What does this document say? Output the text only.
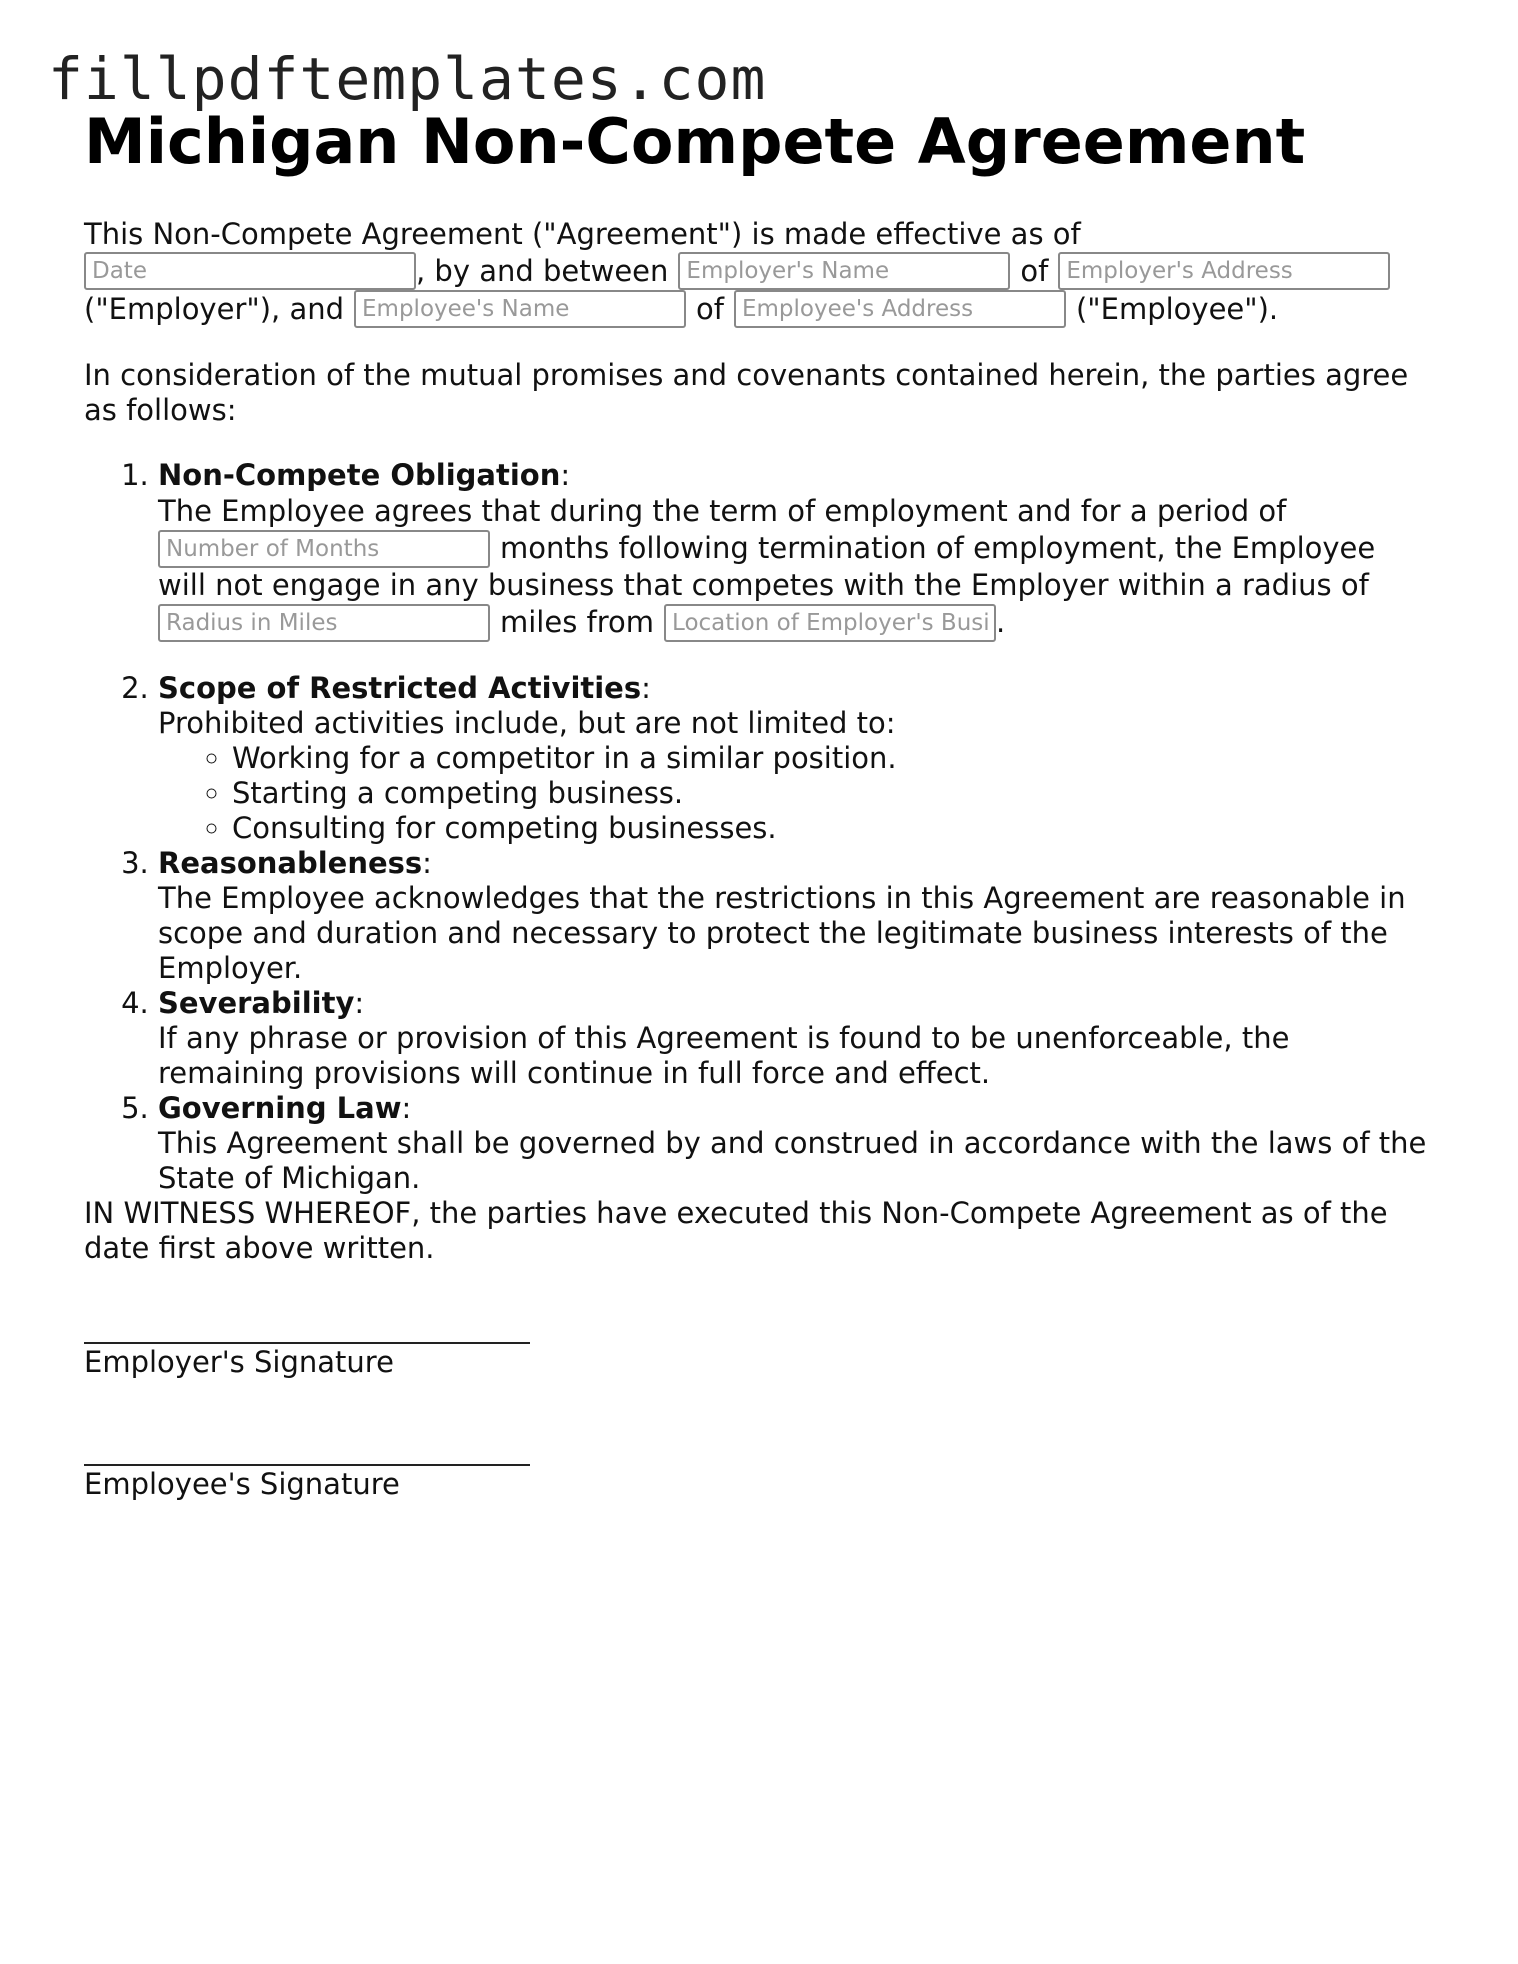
fillpdftemplates.com
Michigan Non-Compete Agreement
This Non-Compete Agreement ("Agreement") is made effective as of
Date
, by and between
Employer's Name	of
Employer's Address
("Employer"), and
Employee's Name	of
Employee's Address	("Employee").

In consideration of the mutual promises and covenants contained herein, the parties agree as follows:

1. Non-Compete Obligation:

The Employee agrees that during the term of employment and for a period of
Number of Months
months following termination of employment, the Employee
will not engage in any business that competes with the Employer within a radius of
Radius in Miles
miles from
Location of Employer's Business	.

2. Scope of Restricted Activities:

Prohibited activities include, but are not limited to:

◦ Working for a competitor in a similar position.
◦ Starting a competing business.
◦ Consulting for competing businesses.

3. Reasonableness:

The Employee acknowledges that the restrictions in this Agreement are reasonable in scope and duration and necessary to protect the legitimate business interests of the Employer.

4. Severability:

If any phrase or provision of this Agreement is found to be unenforceable, the remaining provisions will continue in full force and effect.

5. Governing Law:

This Agreement shall be governed by and construed in accordance with the laws of the State of Michigan.

IN WITNESS WHEREOF, the parties have executed this Non-Compete Agreement as of the date first above written.

Employer's Signature
Employee's Signature
